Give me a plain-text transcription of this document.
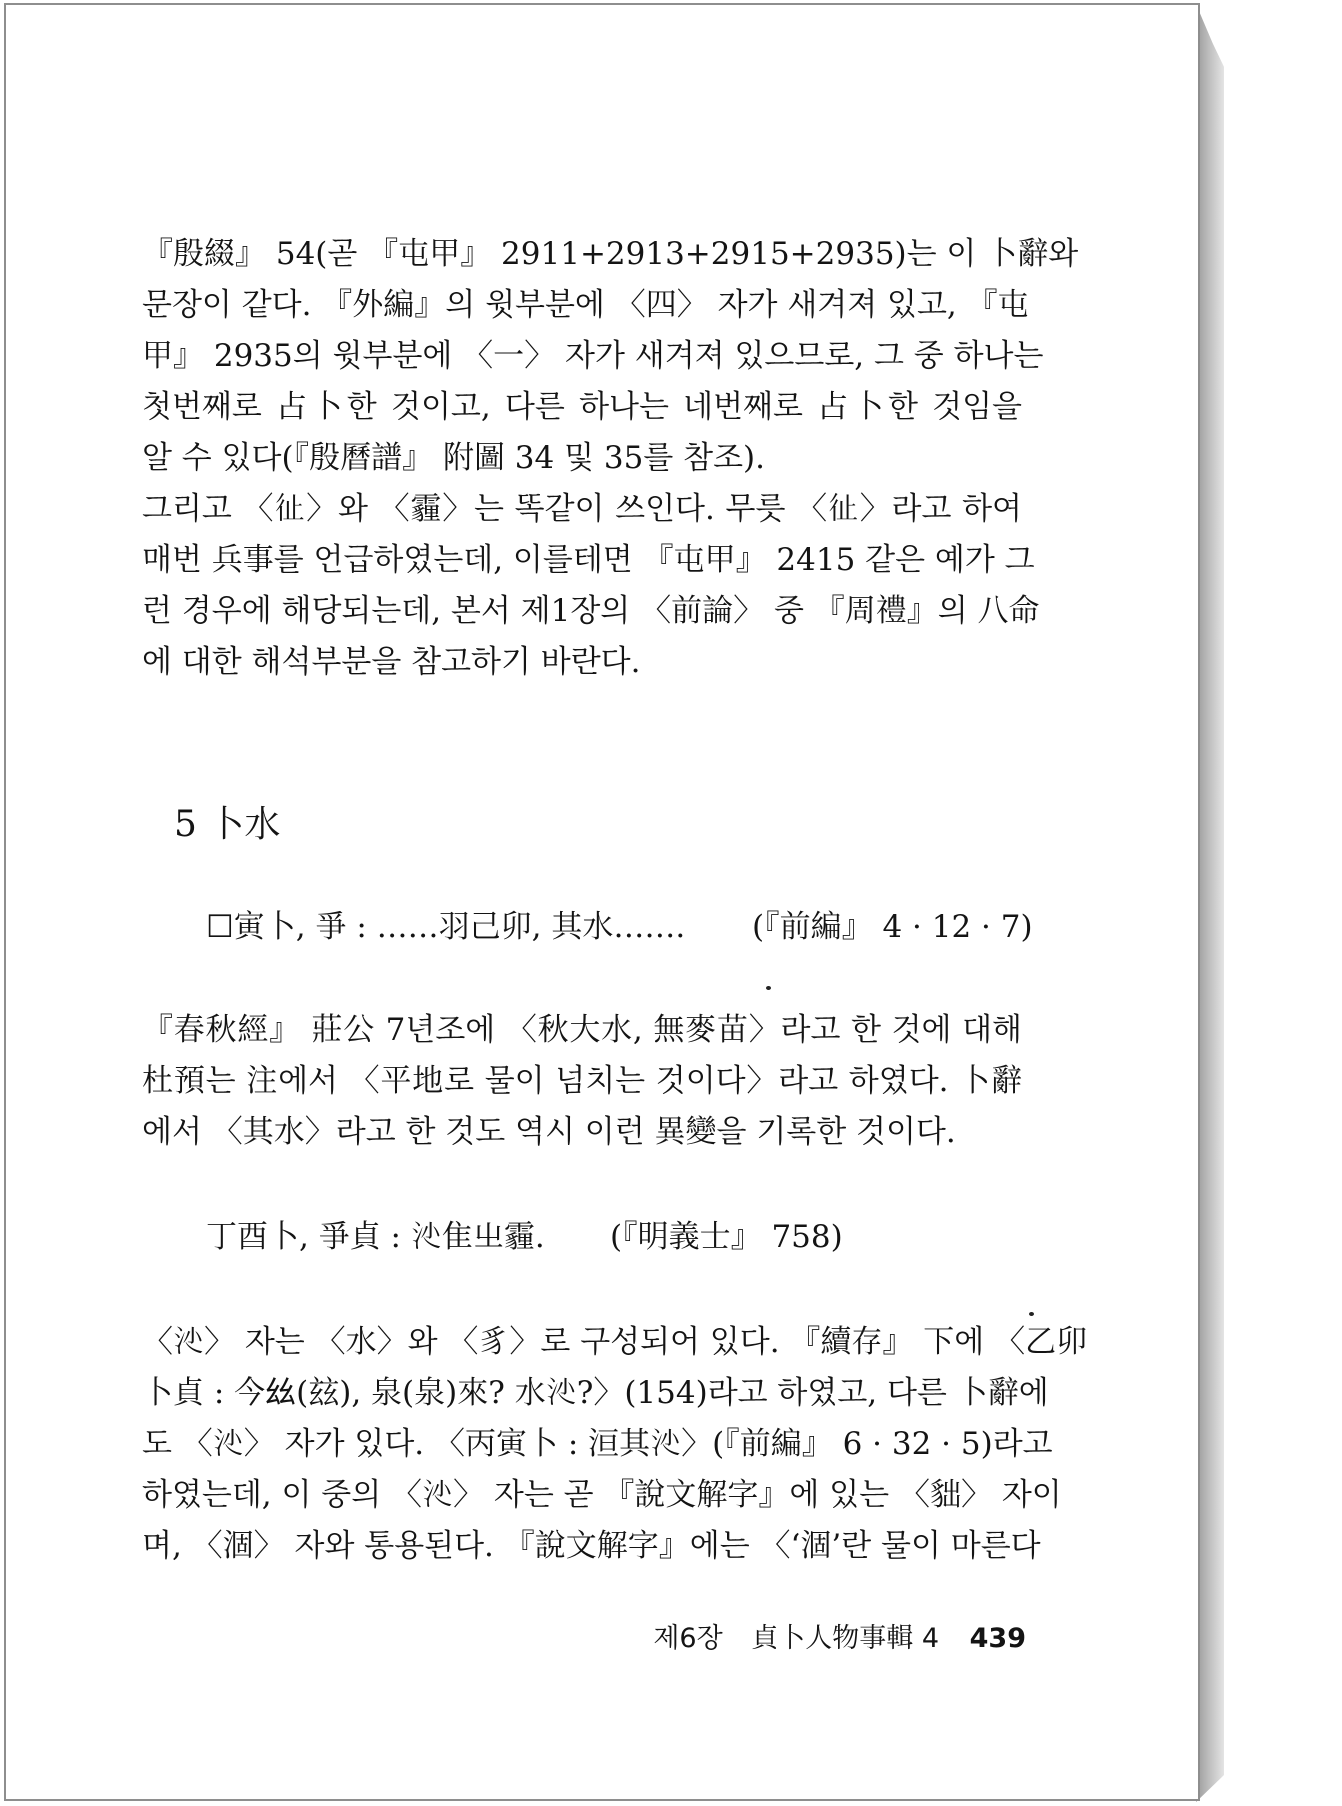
『殷綴』 54(곧 『屯甲』 2911+2913+2915+2935)는 이 卜辭와
문장이 같다. 『外編』의 윗부분에 〈四〉 자가 새겨져 있고, 『屯
甲』 2935의 윗부분에 〈一〉 자가 새겨져 있으므로, 그 중 하나는
첫번째로 占卜한 것이고, 다른 하나는 네번째로 占卜한 것임을
알 수 있다(『殷曆譜』 附圖 34 및 35를 참조).
그리고 〈𢓊〉와 〈霾〉는 똑같이 쓰인다. 무릇 〈𢓊〉라고 하여
매번 兵事를 언급하였는데, 이를테면 『屯甲』 2415 같은 예가 그
런 경우에 해당되는데, 본서 제1장의 〈前論〉 중 『周禮』의 八命
에 대한 해석부분을 참고하기 바란다.
5 卜水
☐寅卜, 爭 : ……羽己卯, 其水……. (『前編』 4 · 12 · 7)
『春秋經』 莊公 7년조에 〈秋大水, 無麥苗〉라고 한 것에 대해
杜預는 注에서 〈平地로 물이 넘치는 것이다〉라고 하였다. 卜辭
에서 〈其水〉라고 한 것도 역시 이런 異變을 기록한 것이다.
丁酉卜, 爭貞 : 𣲡隹㞢霾. (『明義士』 758)
〈𣲡〉 자는 〈水〉와 〈豸〉로 구성되어 있다. 『續存』 下에 〈乙卯
卜貞 : 今𢆶(玆), 泉(泉)來? 水𣲡?〉(154)라고 하였고, 다른 卜辭에
도 〈𣲡〉 자가 있다. 〈丙寅卜 : 洹其𣲡〉(『前編』 6 · 32 · 5)라고
하였는데, 이 중의 〈𣲡〉 자는 곧 『說文解字』에 있는 〈貀〉 자이
며, 〈涸〉 자와 통용된다. 『說文解字』에는 〈‘涸’란 물이 마른다
제6장 貞卜人物事輯 4 439
